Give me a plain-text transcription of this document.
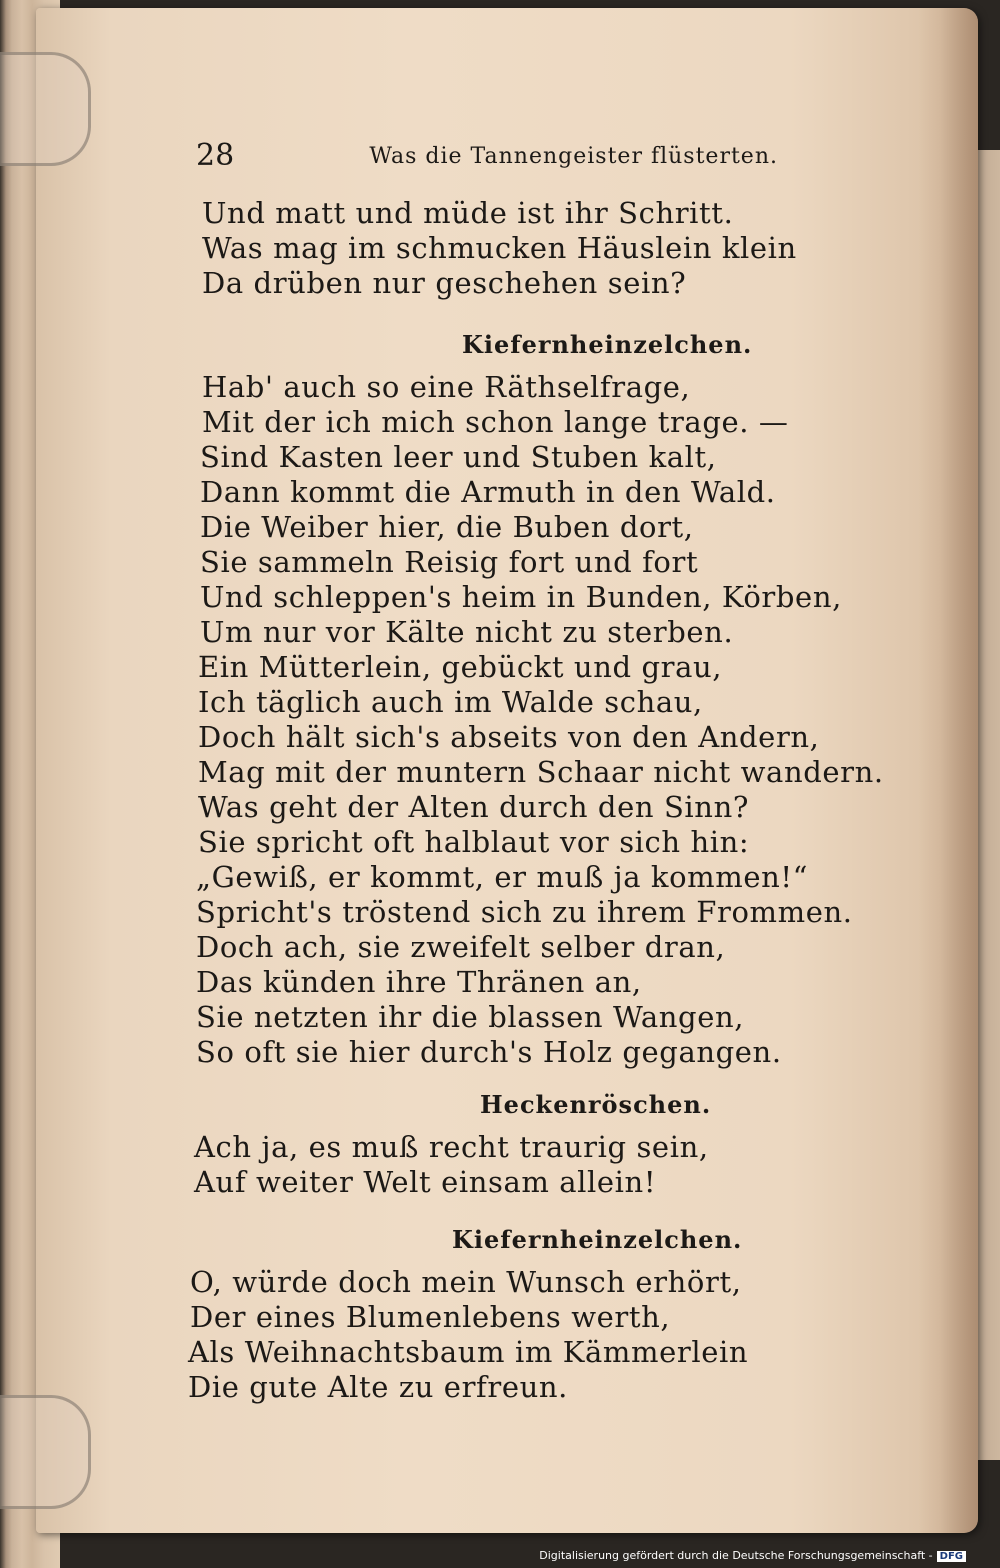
28	Was die Tannengeister flüsterten.
Und matt und müde ist ihr Schritt.
Was mag im schmucken Häuslein klein
Da drüben nur geschehen sein?
Kiefernheinzelchen.
Hab' auch so eine Räthselfrage,
Mit der ich mich schon lange trage. —
Sind Kasten leer und Stuben kalt,
Dann kommt die Armuth in den Wald.
Die Weiber hier, die Buben dort,
Sie sammeln Reisig fort und fort
Und schleppen's heim in Bunden, Körben,
Um nur vor Kälte nicht zu sterben.
Ein Mütterlein, gebückt und grau,
Ich täglich auch im Walde schau,
Doch hält sich's abseits von den Andern,
Mag mit der muntern Schaar nicht wandern.
Was geht der Alten durch den Sinn?
Sie spricht oft halblaut vor sich hin:
„Gewiß, er kommt, er muß ja kommen!“
Spricht's tröstend sich zu ihrem Frommen.
Doch ach, sie zweifelt selber dran,
Das künden ihre Thränen an,
Sie netzten ihr die blassen Wangen,
So oft sie hier durch's Holz gegangen.
Heckenröschen.
Ach ja, es muß recht traurig sein,
Auf weiter Welt einsam allein!
Kiefernheinzelchen.
O, würde doch mein Wunsch erhört,
Der eines Blumenlebens werth,
Als Weihnachtsbaum im Kämmerlein
Die gute Alte zu erfreun.
Digitalisierung gefördert durch die Deutsche Forschungsgemeinschaft - DFG
